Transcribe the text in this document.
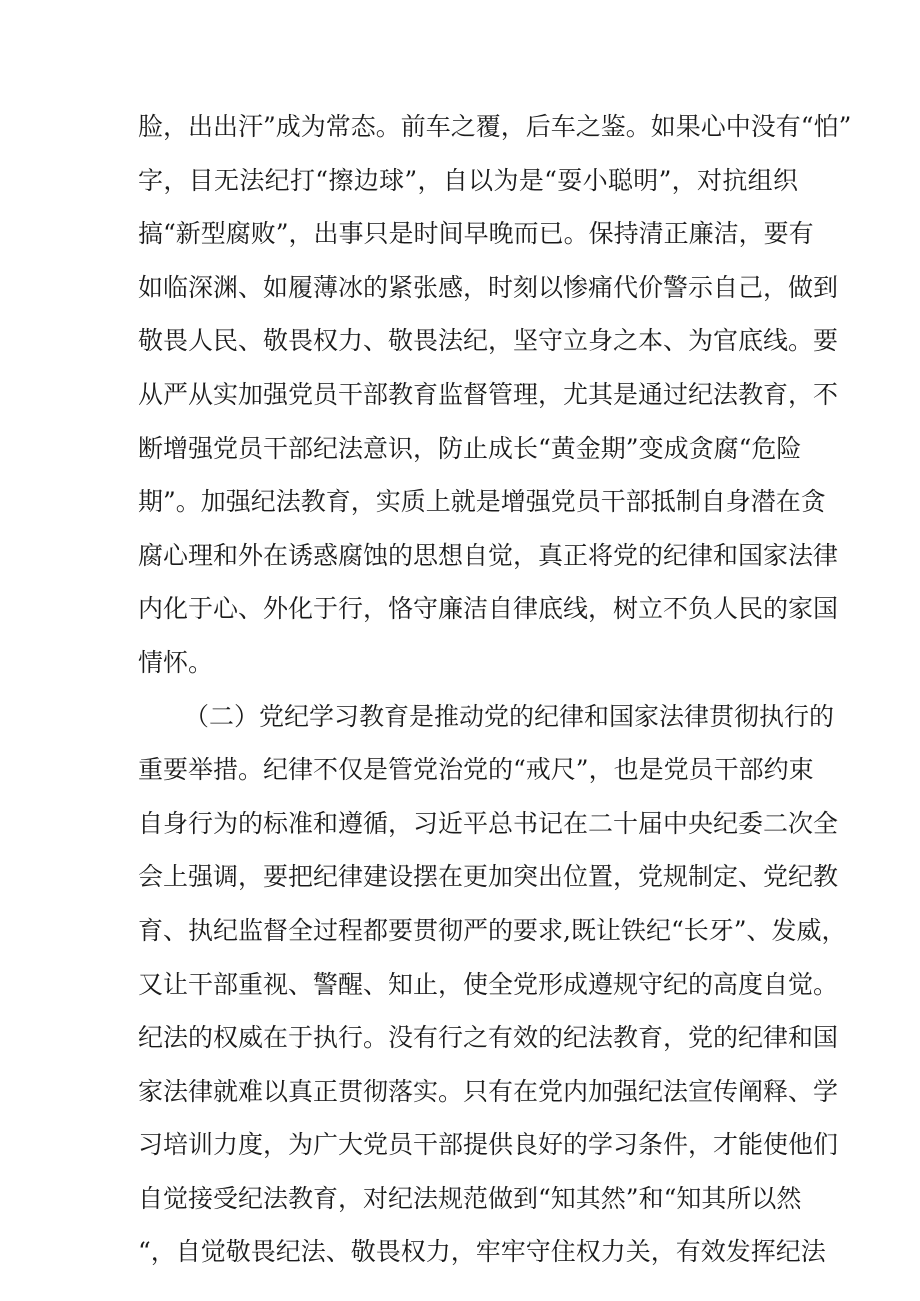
脸，出出汗”成为常态。前车之覆，后车之鉴。如果心中没有“怕”
字，目无法纪打“擦边球”，自以为是“耍小聪明”，对抗组织
搞“新型腐败”，出事只是时间早晚而已。保持清正廉洁，要有
如临深渊、如履薄冰的紧张感，时刻以惨痛代价警示自己，做到
敬畏人民、敬畏权力、敬畏法纪，坚守立身之本、为官底线。要
从严从实加强党员干部教育监督管理，尤其是通过纪法教育，不
断增强党员干部纪法意识，防止成长“黄金期”变成贪腐“危险
期”。加强纪法教育，实质上就是增强党员干部抵制自身潜在贪
腐心理和外在诱惑腐蚀的思想自觉，真正将党的纪律和国家法律
内化于心、外化于行，恪守廉洁自律底线，树立不负人民的家国
情怀。
（二）党纪学习教育是推动党的纪律和国家法律贯彻执行的
重要举措。纪律不仅是管党治党的“戒尺”，也是党员干部约束
自身行为的标准和遵循，习近平总书记在二十届中央纪委二次全
会上强调，要把纪律建设摆在更加突出位置，党规制定、党纪教
育、执纪监督全过程都要贯彻严的要求,既让铁纪“长牙”、发威，
又让干部重视、警醒、知止，使全党形成遵规守纪的高度自觉。
纪法的权威在于执行。没有行之有效的纪法教育，党的纪律和国
家法律就难以真正贯彻落实。只有在党内加强纪法宣传阐释、学
习培训力度，为广大党员干部提供良好的学习条件，才能使他们
自觉接受纪法教育，对纪法规范做到“知其然”和“知其所以然
“，自觉敬畏纪法、敬畏权力，牢牢守住权力关，有效发挥纪法
